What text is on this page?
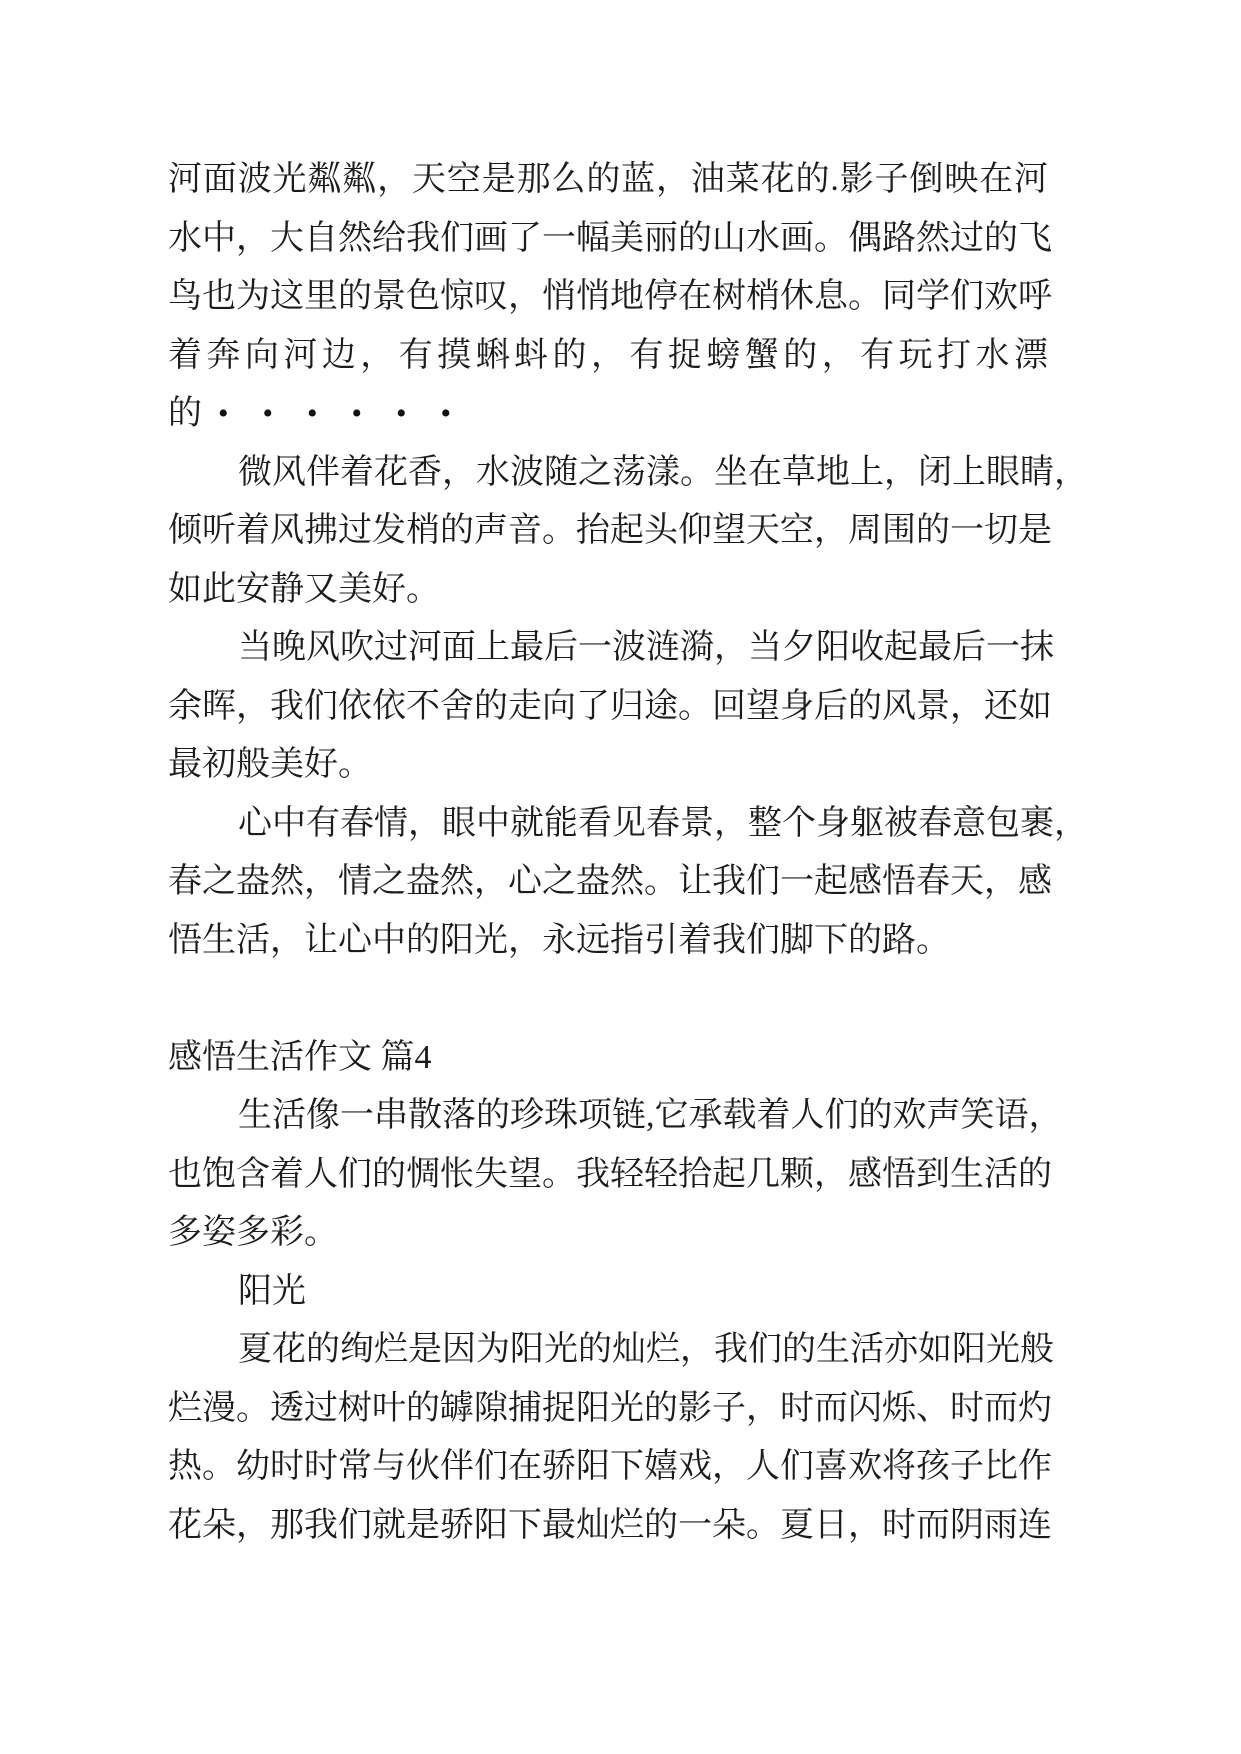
河面波光粼粼，天空是那么的蓝，油菜花的.影子倒映在河
水中，大自然给我们画了一幅美丽的山水画。偶路然过的飞
鸟也为这里的景色惊叹，悄悄地停在树梢休息。同学们欢呼
着奔向河边，有摸蝌蚪的，有捉螃蟹的，有玩打水漂
的 ••••••
微风伴着花香，水波随之荡漾。坐在草地上，闭上眼睛，
倾听着风拂过发梢的声音。抬起头仰望天空，周围的一切是
如此安静又美好。
当晚风吹过河面上最后一波涟漪，当夕阳收起最后一抹
余晖，我们依依不舍的走向了归途。回望身后的风景，还如
最初般美好。
心中有春情，眼中就能看见春景，整个身躯被春意包裹，
春之盎然，情之盎然，心之盎然。让我们一起感悟春天，感
悟生活，让心中的阳光，永远指引着我们脚下的路。
感悟生活作文 篇4
生活像一串散落的珍珠项链,它承载着人们的欢声笑语，
也饱含着人们的惆怅失望。我轻轻拾起几颗，感悟到生活的
多姿多彩。
阳光
夏花的绚烂是因为阳光的灿烂，我们的生活亦如阳光般
烂漫。透过树叶的罅隙捕捉阳光的影子，时而闪烁、时而灼
热。幼时时常与伙伴们在骄阳下嬉戏，人们喜欢将孩子比作
花朵，那我们就是骄阳下最灿烂的一朵。夏日，时而阴雨连
